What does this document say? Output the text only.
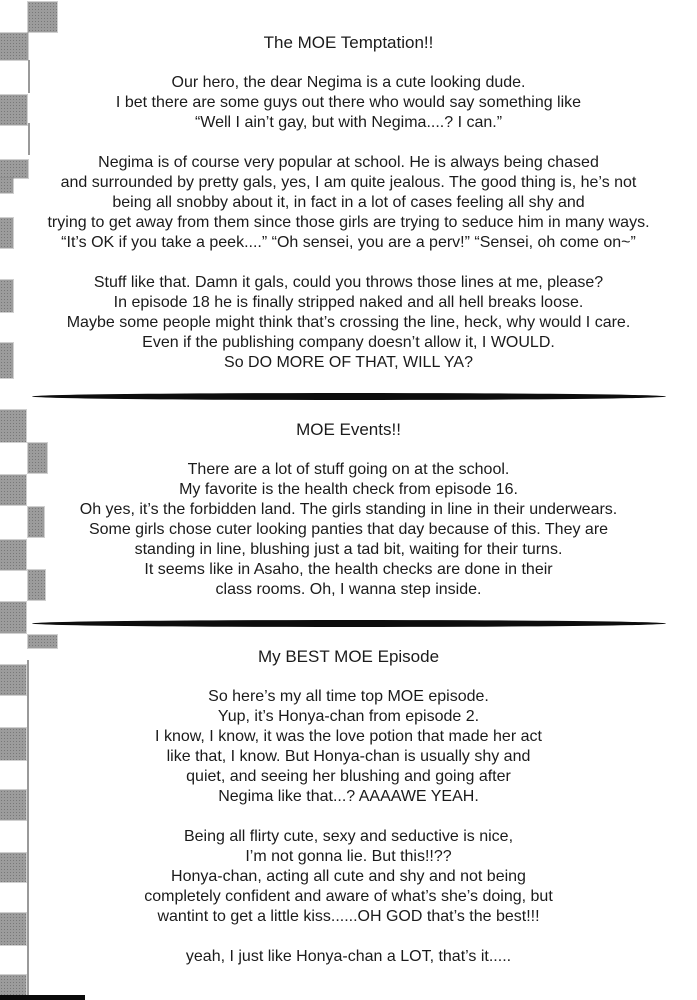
The MOE Temptation!!
Our hero, the dear Negima is a cute looking dude.
I bet there are some guys out there who would say something like
“Well I ain’t gay, but with Negima....? I can.”
Negima is of course very popular at school. He is always being chased
and surrounded by pretty gals, yes, I am quite jealous. The good thing is, he’s not
being all snobby about it, in fact in a lot of cases feeling all shy and
trying to get away from them since those girls are trying to seduce him in many ways.
“It’s OK if you take a peek....” “Oh sensei, you are a perv!” “Sensei, oh come on~”
Stuff like that. Damn it gals, could you throws those lines at me, please?
In episode 18 he is finally stripped naked and all hell breaks loose.
Maybe some people might think that’s crossing the line, heck, why would I care.
Even if the publishing company doesn’t allow it, I WOULD.
So DO MORE OF THAT, WILL YA?
MOE Events!!
There are a lot of stuff going on at the school.
My favorite is the health check from episode 16.
Oh yes, it’s the forbidden land. The girls standing in line in their underwears.
Some girls chose cuter looking panties that day because of this. They are
standing in line, blushing just a tad bit, waiting for their turns.
It seems like in Asaho, the health checks are done in their
class rooms. Oh, I wanna step inside.
My BEST MOE Episode
So here’s my all time top MOE episode.
Yup, it’s Honya-chan from episode 2.
I know, I know, it was the love potion that made her act
like that, I know. But Honya-chan is usually shy and
quiet, and seeing her blushing and going after
Negima like that...? AAAAWE YEAH.
Being all flirty cute, sexy and seductive is nice,
I’m not gonna lie. But this!!??
Honya-chan, acting all cute and shy and not being
completely confident and aware of what’s she’s doing, but
wantint to get a little kiss......OH GOD that’s the best!!!
yeah, I just like Honya-chan a LOT, that’s it.....
